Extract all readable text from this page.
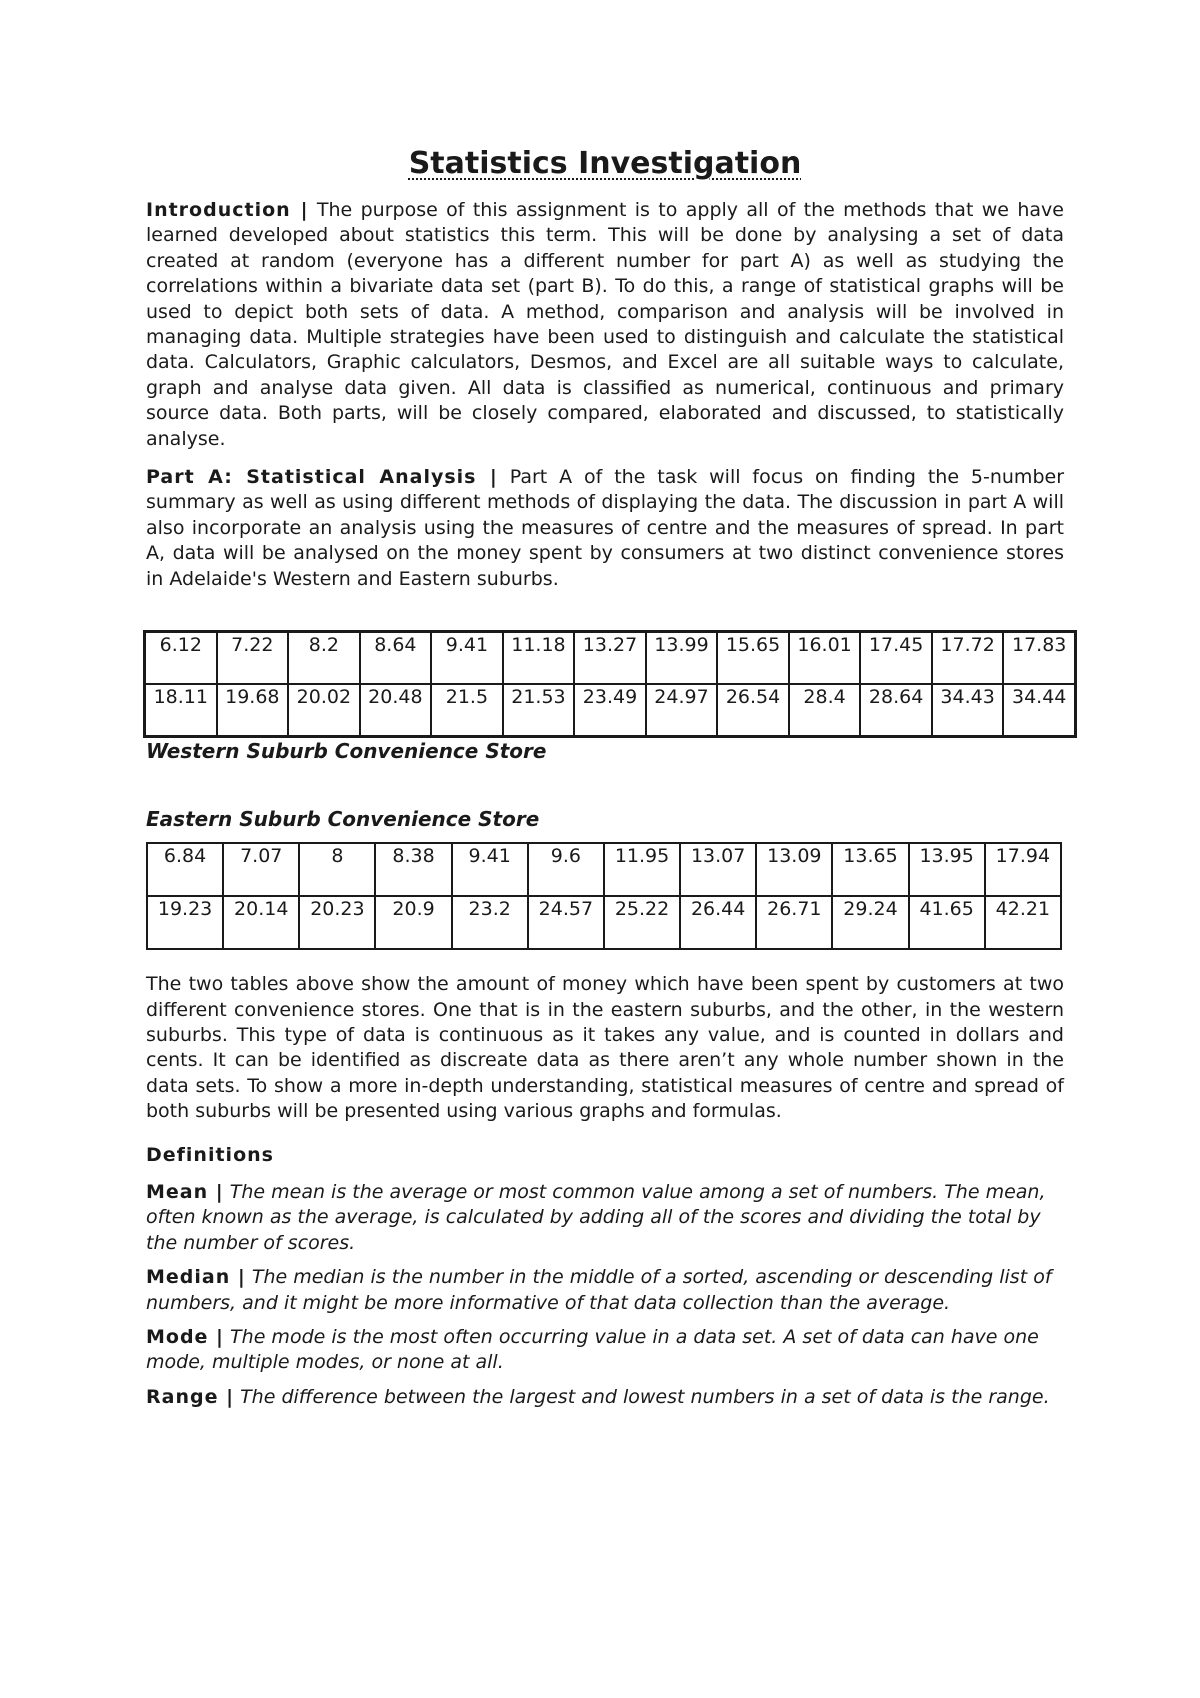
Statistics Investigation

Introduction | The purpose of this assignment is to apply all of the methods that we have learned developed about statistics this term. This will be done by analysing a set of data created at random (everyone has a different number for part A) as well as studying the correlations within a bivariate data set (part B). To do this, a range of statistical graphs will be used to depict both sets of data. A method, comparison and analysis will be involved in managing data. Multiple strategies have been used to distinguish and calculate the statistical data. Calculators, Graphic calculators, Desmos, and Excel are all suitable ways to calculate, graph and analyse data given. All data is classified as numerical, continuous and primary source data. Both parts, will be closely compared, elaborated and discussed, to statistically analyse.

Part A: Statistical Analysis | Part A of the task will focus on finding the 5-number summary as well as using different methods of displaying the data. The discussion in part A will also incorporate an analysis using the measures of centre and the measures of spread. In part A, data will be analysed on the money spent by consumers at two distinct convenience stores in Adelaide's Western and Eastern suburbs.

6.12	7.22	8.2	8.64	9.41	11.18	13.27	13.99	15.65	16.01	17.45	17.72	17.83
18.11	19.68	20.02	20.48	21.5	21.53	23.49	24.97	26.54	28.4	28.64	34.43	34.44

Western Suburb Convenience Store

Eastern Suburb Convenience Store

6.84	7.07	8	8.38	9.41	9.6	11.95	13.07	13.09	13.65	13.95	17.94
19.23	20.14	20.23	20.9	23.2	24.57	25.22	26.44	26.71	29.24	41.65	42.21

The two tables above show the amount of money which have been spent by customers at two different convenience stores. One that is in the eastern suburbs, and the other, in the western suburbs. This type of data is continuous as it takes any value, and is counted in dollars and cents. It can be identified as discreate data as there aren’t any whole number shown in the data sets. To show a more in-depth understanding, statistical measures of centre and spread of both suburbs will be presented using various graphs and formulas.

Definitions

Mean | The mean is the average or most common value among a set of numbers. The mean, often known as the average, is calculated by adding all of the scores and dividing the total by the number of scores.

Median | The median is the number in the middle of a sorted, ascending or descending list of numbers, and it might be more informative of that data collection than the average.

Mode | The mode is the most often occurring value in a data set. A set of data can have one mode, multiple modes, or none at all.

Range | The difference between the largest and lowest numbers in a set of data is the range.
